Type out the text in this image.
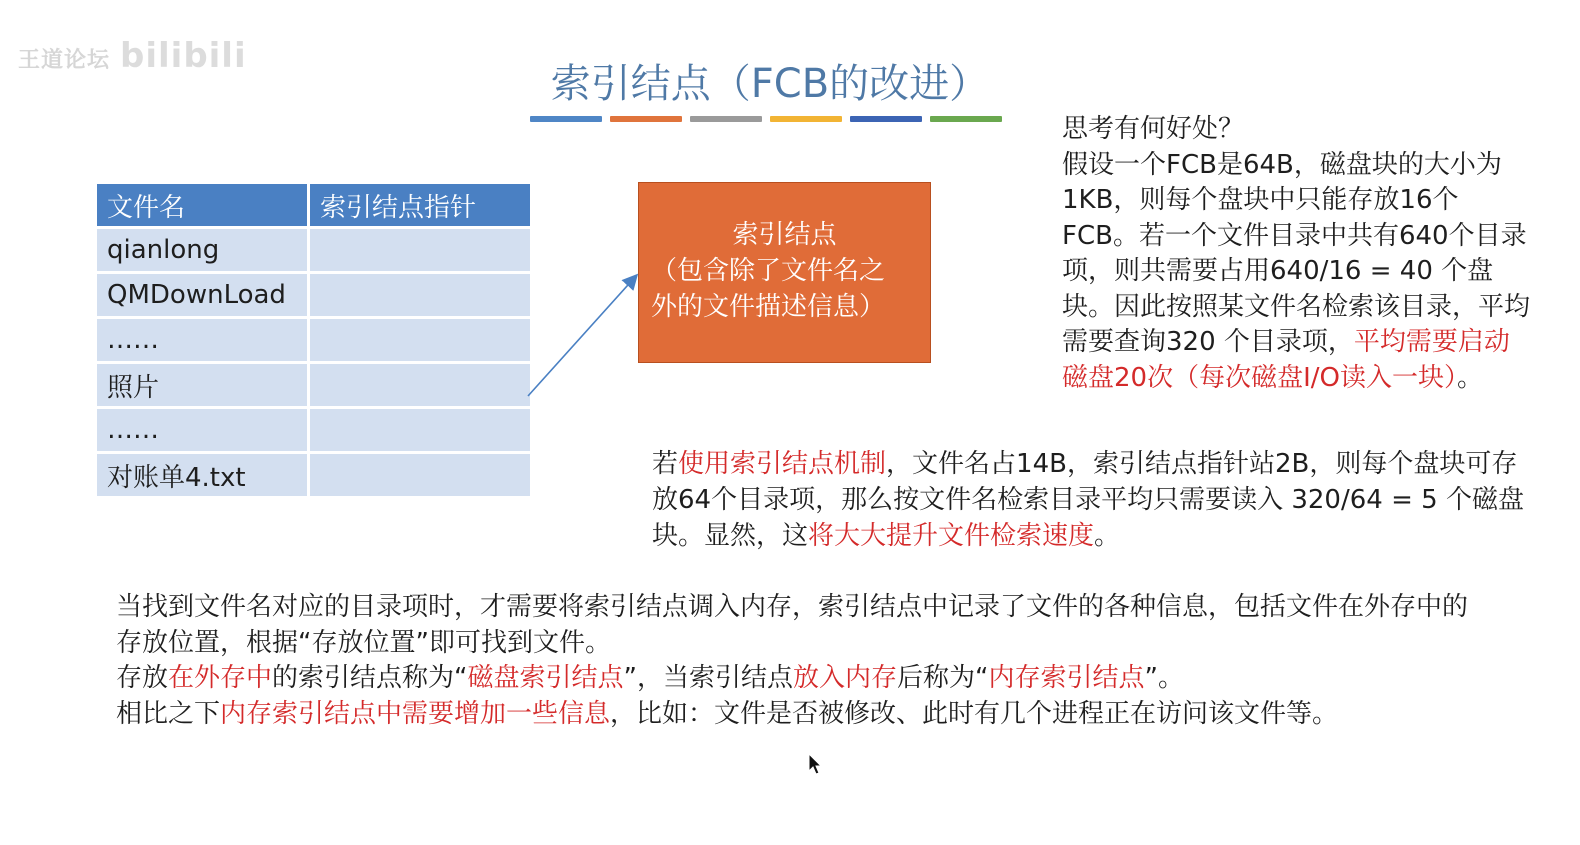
王道论坛 bilibili
索引结点（FCB的改进）
文件名	索引结点指针
qianlong	
QMDownLoad	
……	
照片	
……	
对账单4.txt	
索引结点
（包含除了文件名之
外的文件描述信息）

思考有何好处？

假设一个FCB是64B，磁盘块的大小为1KB，则每个盘块中只能存放16个FCB。若一个文件目录中共有640个目录项，则共需要占用640/16 = 40 个盘块。因此按照某文件名检索该目录，平均需要查询320 个目录项，平均需要启动磁盘20次（每次磁盘I/O读入一块）。

若使用索引结点机制，文件名占14B，索引结点指针站2B，则每个盘块可存放64个目录项，那么按文件名检索目录平均只需要读入 320/64 = 5 个磁盘块。显然，这将大大提升文件检索速度。

当找到文件名对应的目录项时，才需要将索引结点调入内存，索引结点中记录了文件的各种信息，包括文件在外存中的存放位置，根据“存放位置”即可找到文件。

存放在外存中的索引结点称为“磁盘索引结点”，当索引结点放入内存后称为“内存索引结点”。

相比之下内存索引结点中需要增加一些信息，比如：文件是否被修改、此时有几个进程正在访问该文件等。
